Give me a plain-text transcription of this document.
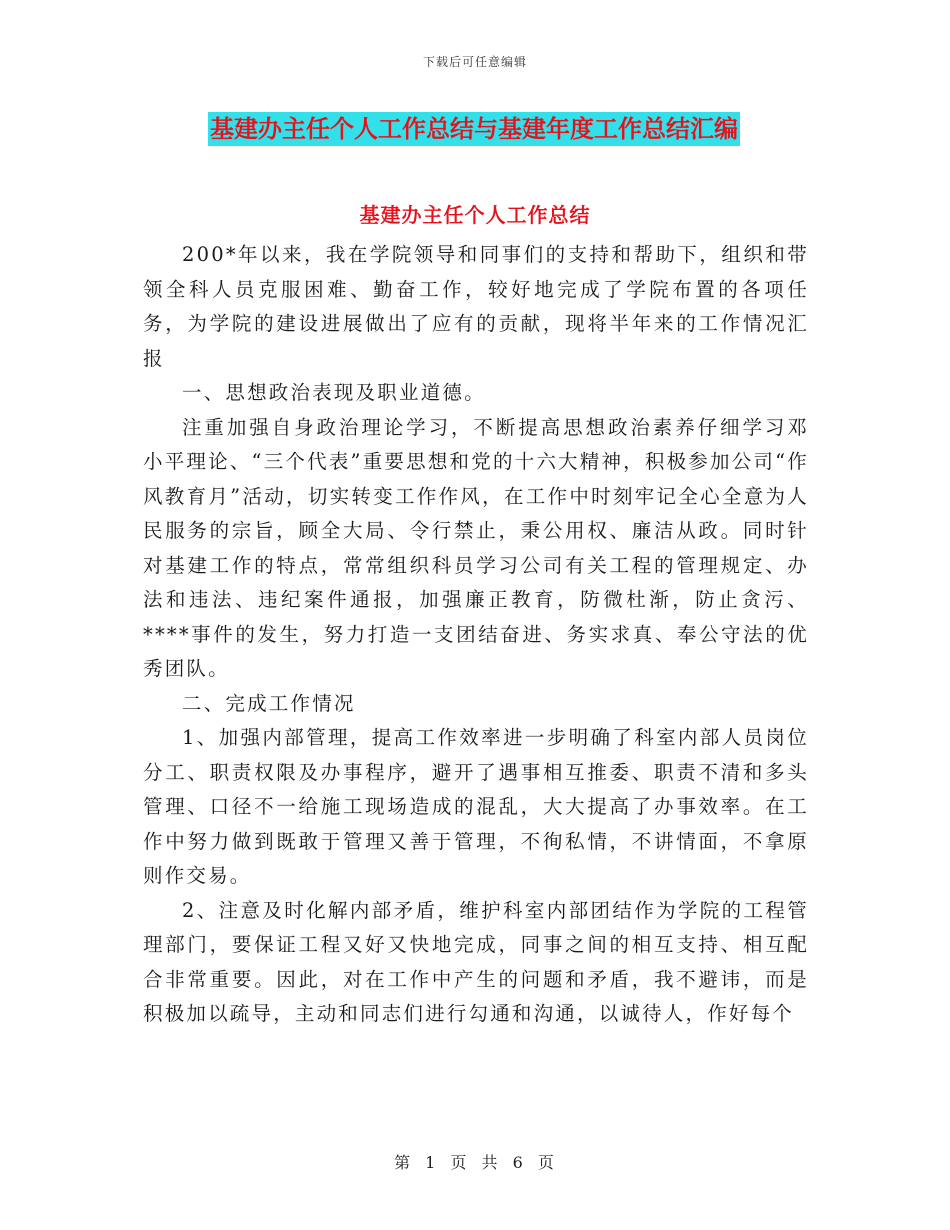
下载后可任意编辑
基建办主任个人工作总结与基建年度工作总结汇编
基建办主任个人工作总结

200*年以来，我在学院领导和同事们的支持和帮助下，组织和带领全科人员克服困难、勤奋工作，较好地完成了学院布置的各项任务，为学院的建设进展做出了应有的贡献，现将半年来的工作情况汇报

一、思想政治表现及职业道德。

注重加强自身政治理论学习，不断提高思想政治素养仔细学习邓小平理论、“三个代表”重要思想和党的十六大精神，积极参加公司“作风教育月”活动，切实转变工作作风，在工作中时刻牢记全心全意为人民服务的宗旨，顾全大局、令行禁止，秉公用权、廉洁从政。同时针对基建工作的特点，常常组织科员学习公司有关工程的管理规定、办法和违法、违纪案件通报，加强廉正教育，防微杜渐，防止贪污、****事件的发生，努力打造一支团结奋进、务实求真、奉公守法的优秀团队。

二、完成工作情况

1、加强内部管理，提高工作效率进一步明确了科室内部人员岗位分工、职责权限及办事程序，避开了遇事相互推委、职责不清和多头管理、口径不一给施工现场造成的混乱，大大提高了办事效率。在工作中努力做到既敢于管理又善于管理，不徇私情，不讲情面，不拿原则作交易。

2、注意及时化解内部矛盾，维护科室内部团结作为学院的工程管理部门，要保证工程又好又快地完成，同事之间的相互支持、相互配合非常重要。因此，对在工作中产生的问题和矛盾，我不避讳，而是积极加以疏导，主动和同志们进行勾通和沟通，以诚待人，作好每个

第 1 页 共 6 页
